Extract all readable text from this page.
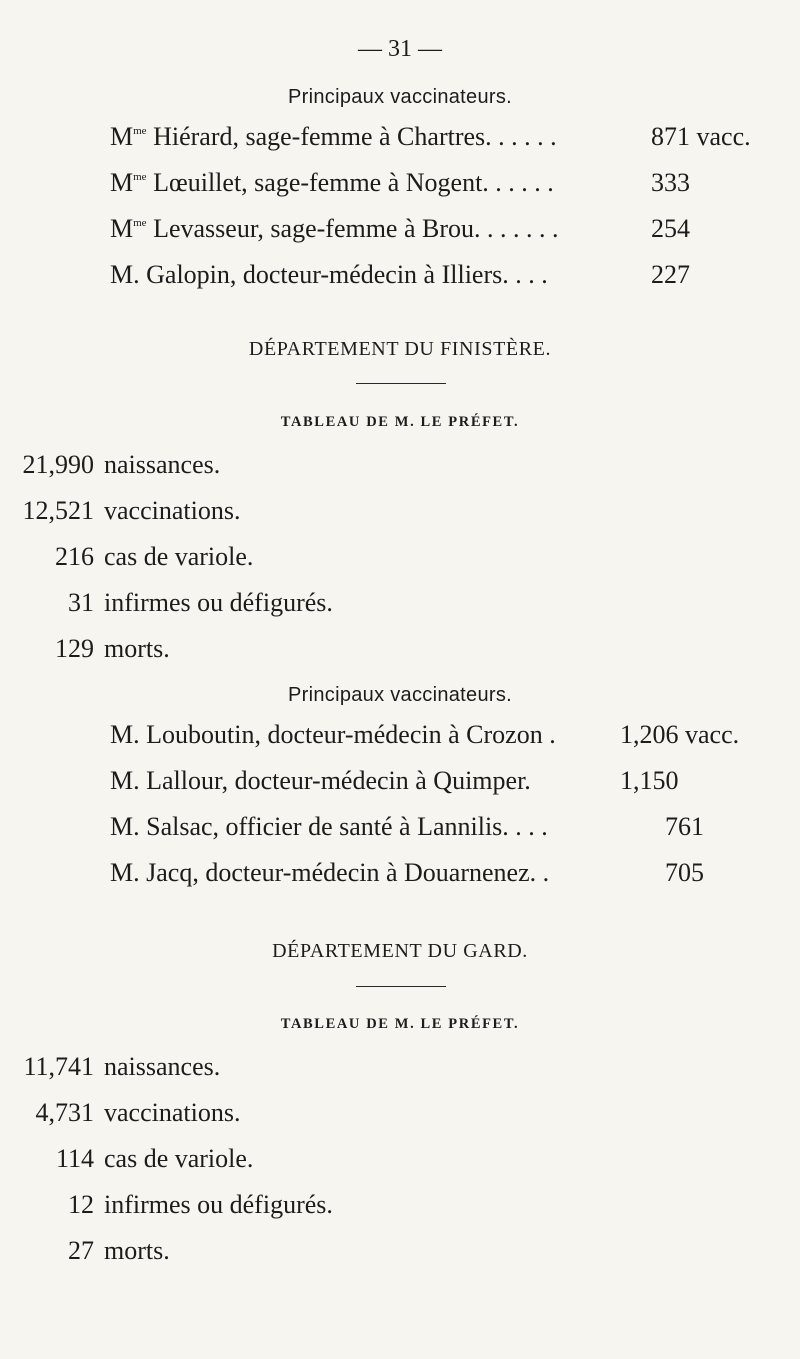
— 31 —
Principaux vaccinateurs.
$M^{me}$ Hiérard, sage-femme à Chartres. . . . . .	871 vacc.
$M^{me}$ Lœuillet, sage-femme à Nogent. . . . . .	333
$M^{me}$ Levasseur, sage-femme à Brou. . . . . . .	254
M. Galopin, docteur-médecin à Illiers. . . .	227
DÉPARTEMENT DU FINISTÈRE.
TABLEAU DE M. LE PRÉFET.
21,990 naissances.
12,521 vaccinations.
216 cas de variole.
31 infirmes ou défigurés.
129 morts.
Principaux vaccinateurs.
M. Louboutin, docteur-médecin à Crozon . 1,206 vacc.
M. Lallour, docteur-médecin à Quimper.	1,150
M. Salsac, officier de santé à Lannilis. . . .	761
M. Jacq, docteur-médecin à Douarnenez. .	705
DÉPARTEMENT DU GARD.
TABLEAU DE M. LE PRÉFET.
11,741 naissances.
4,731 vaccinations.
114 cas de variole.
12 infirmes ou défigurés.
27 morts.
